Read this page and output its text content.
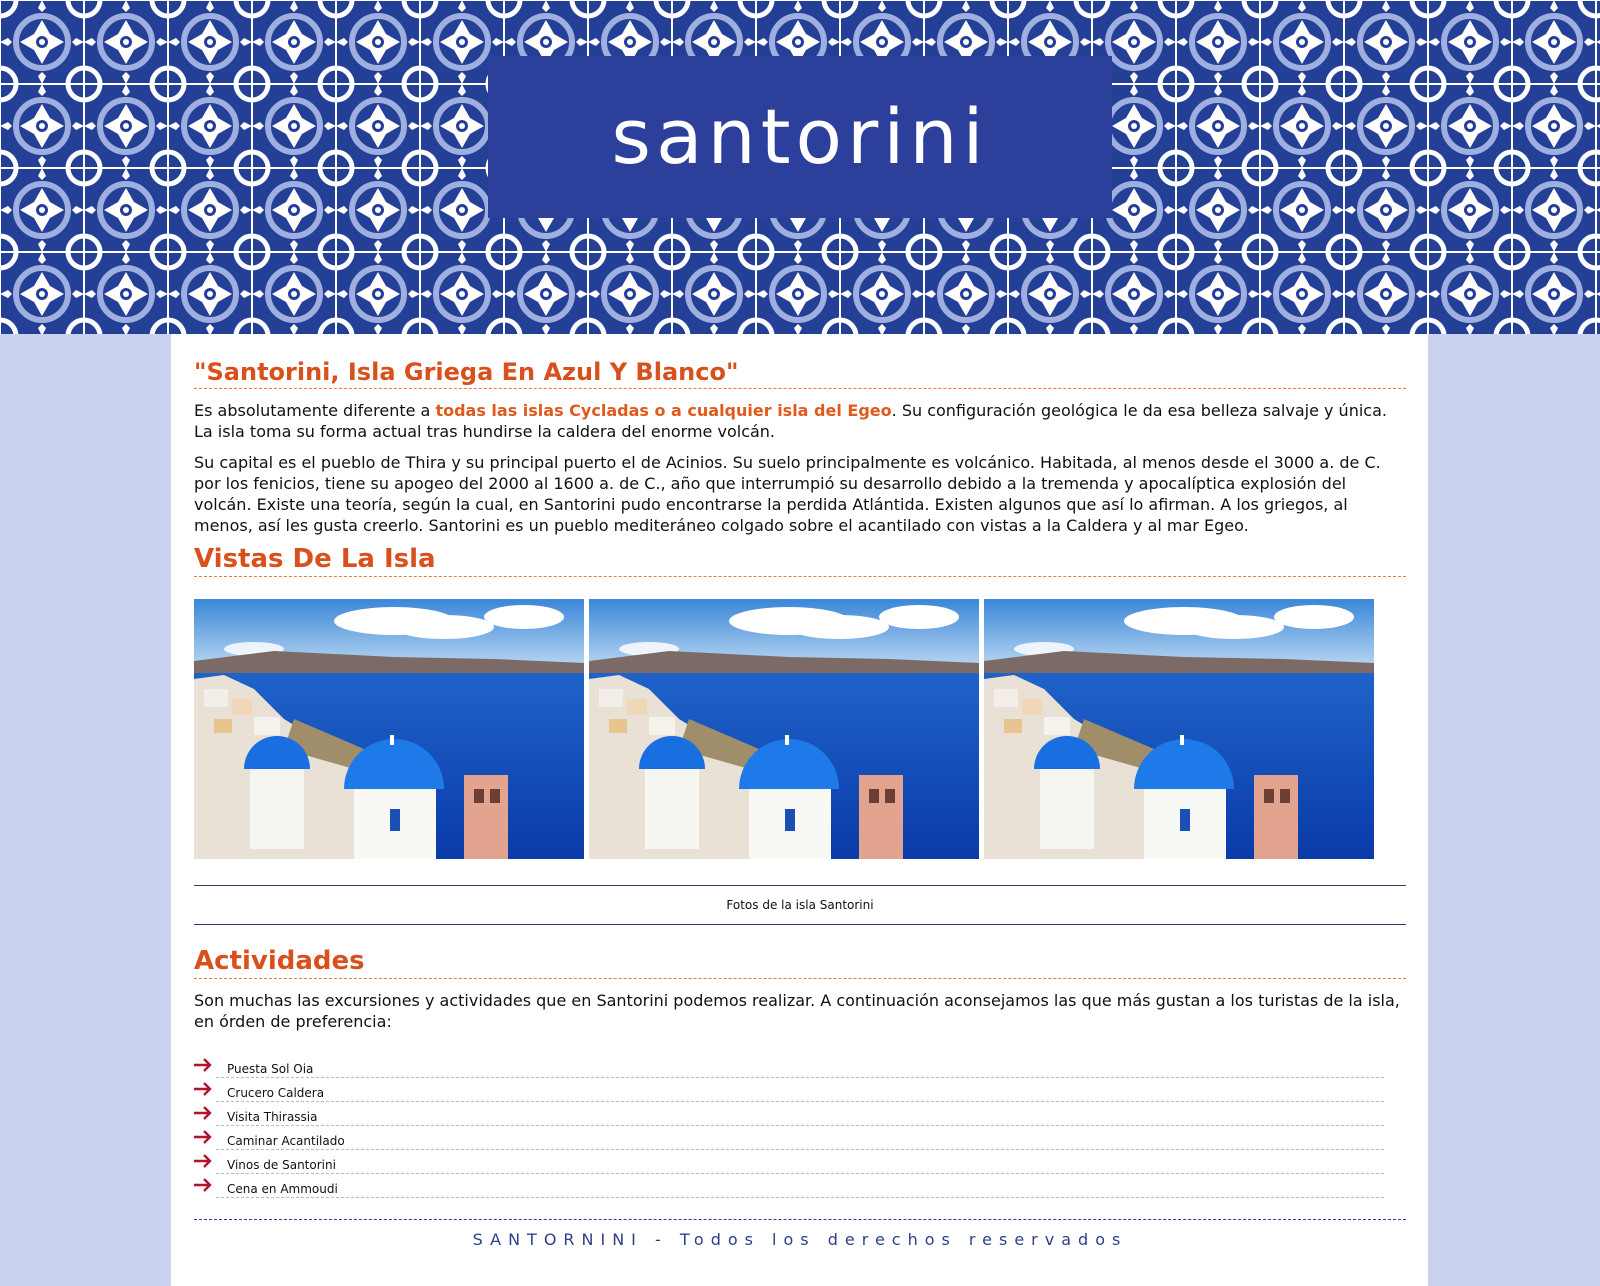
santorini
"Santorini, Isla Griega En Azul Y Blanco"

Es absolutamente diferente a todas las islas Cycladas o a cualquier isla del Egeo. Su configuración geológica le da esa belleza salvaje y única. La isla toma su forma actual tras hundirse la caldera del enorme volcán.

Su capital es el pueblo de Thira y su principal puerto el de Acinios. Su suelo principalmente es volcánico. Habitada, al menos desde el 3000 a. de C. por los fenicios, tiene su apogeo del 2000 al 1600 a. de C., año que interrumpió su desarrollo debido a la tremenda y apocalíptica explosión del volcán. Existe una teoría, según la cual, en Santorini pudo encontrarse la perdida Atlántida. Existen algunos que así lo afirman. A los griegos, al menos, así les gusta creerlo. Santorini es un pueblo mediteráneo colgado sobre el acantilado con vistas a la Caldera y al mar Egeo.

Vistas De La Isla
Fotos de la isla Santorini
Actividades

Son muchas las excursiones y actividades que en Santorini podemos realizar. A continuación aconsejamos las que más gustan a los turistas de la isla, en órden de preferencia:

Puesta Sol Oia
Crucero Caldera
Visita Thirassia
Caminar Acantilado
Vinos de Santorini
Cena en Ammoudi
SANTORNINI - Todos los derechos reservados
